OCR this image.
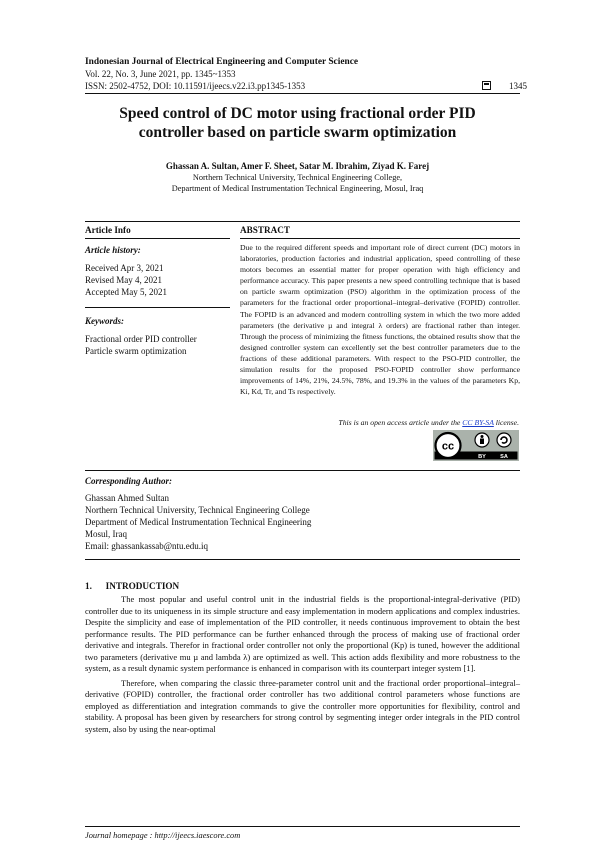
Indonesian Journal of Electrical Engineering and Computer Science
Vol. 22, No. 3, June 2021, pp. 1345~1353
ISSN: 2502-4752, DOI: 10.11591/ijeecs.v22.i3.pp1345-1353	1345
Speed control of DC motor using fractional order PID
controller based on particle swarm optimization
Ghassan A. Sultan, Amer F. Sheet, Satar M. Ibrahim, Ziyad K. Farej
Northern Technical University, Technical Engineering College,
Department of Medical Instrumentation Technical Engineering, Mosul, Iraq
Article Info	ABSTRACT
Article history:
Received Apr 3, 2021
Revised May 4, 2021
Accepted May 5, 2021
Keywords:
Fractional order PID controller
Particle swarm optimization
Due to the required different speeds and important role of direct current (DC) motors in laboratories, production factories and industrial application, speed controlling of these motors becomes an essential matter for proper operation with high efficiency and performance accuracy. This paper presents a new speed controlling technique that is based on particle swarm optimization (PSO) algorithm in the optimization process of the parameters for the fractional order proportional–integral–derivative (FOPID) controller. The FOPID is an advanced and modern controlling system in which the two more added parameters (the derivative µ and integral λ orders) are fractional rather than integer. Through the process of minimizing the fitness functions, the obtained results show that the designed controller system can excellently set the best controller parameters due to the fractions of these additional parameters. With respect to the PSO-PID controller, the simulation results for the proposed PSO-FOPID controller show performance improvements of 14%, 21%, 24.5%, 78%, and 19.3% in the values of the parameters Kp, Ki, Kd, Tr, and Ts respectively.
This is an open access article under the CC BY-SA license.
cc
BY	SA
Corresponding Author:
Ghassan Ahmed Sultan
Northern Technical University, Technical Engineering College
Department of Medical Instrumentation Technical Engineering
Mosul, Iraq
Email: ghassankassab@ntu.edu.iq
1.      INTRODUCTION

The most popular and useful control unit in the industrial fields is the proportional-integral-derivative (PID) controller due to its uniqueness in its simple structure and easy implementation in modern applications and complex industries. Despite the simplicity and ease of implementation of the PID controller, it needs continuous improvement to obtain the best performance results. The PID performance can be further enhanced through the process of making use of fractional order derivative and integrals. Therefor in fractional order controller not only the proportional (Kp) is tuned, however the additional two parameters (derivative mu µ and lambda λ) are optimized as well. This action adds flexibility and more robustness to the system, as a result dynamic system performance is enhanced in comparison with its counterpart integer system [1].

Therefore, when comparing the classic three-parameter control unit and the fractional order proportional–integral–derivative (FOPID) controller, the fractional order controller has two additional control parameters whose functions are employed as differentiation and integration commands to give the controller more opportunities for flexibility, control and stability. A proposal has been given by researchers for strong control by segmenting integer order integrals in the PID control system, also by using the near-optimal

Journal homepage : http://ijeecs.iaescore.com
